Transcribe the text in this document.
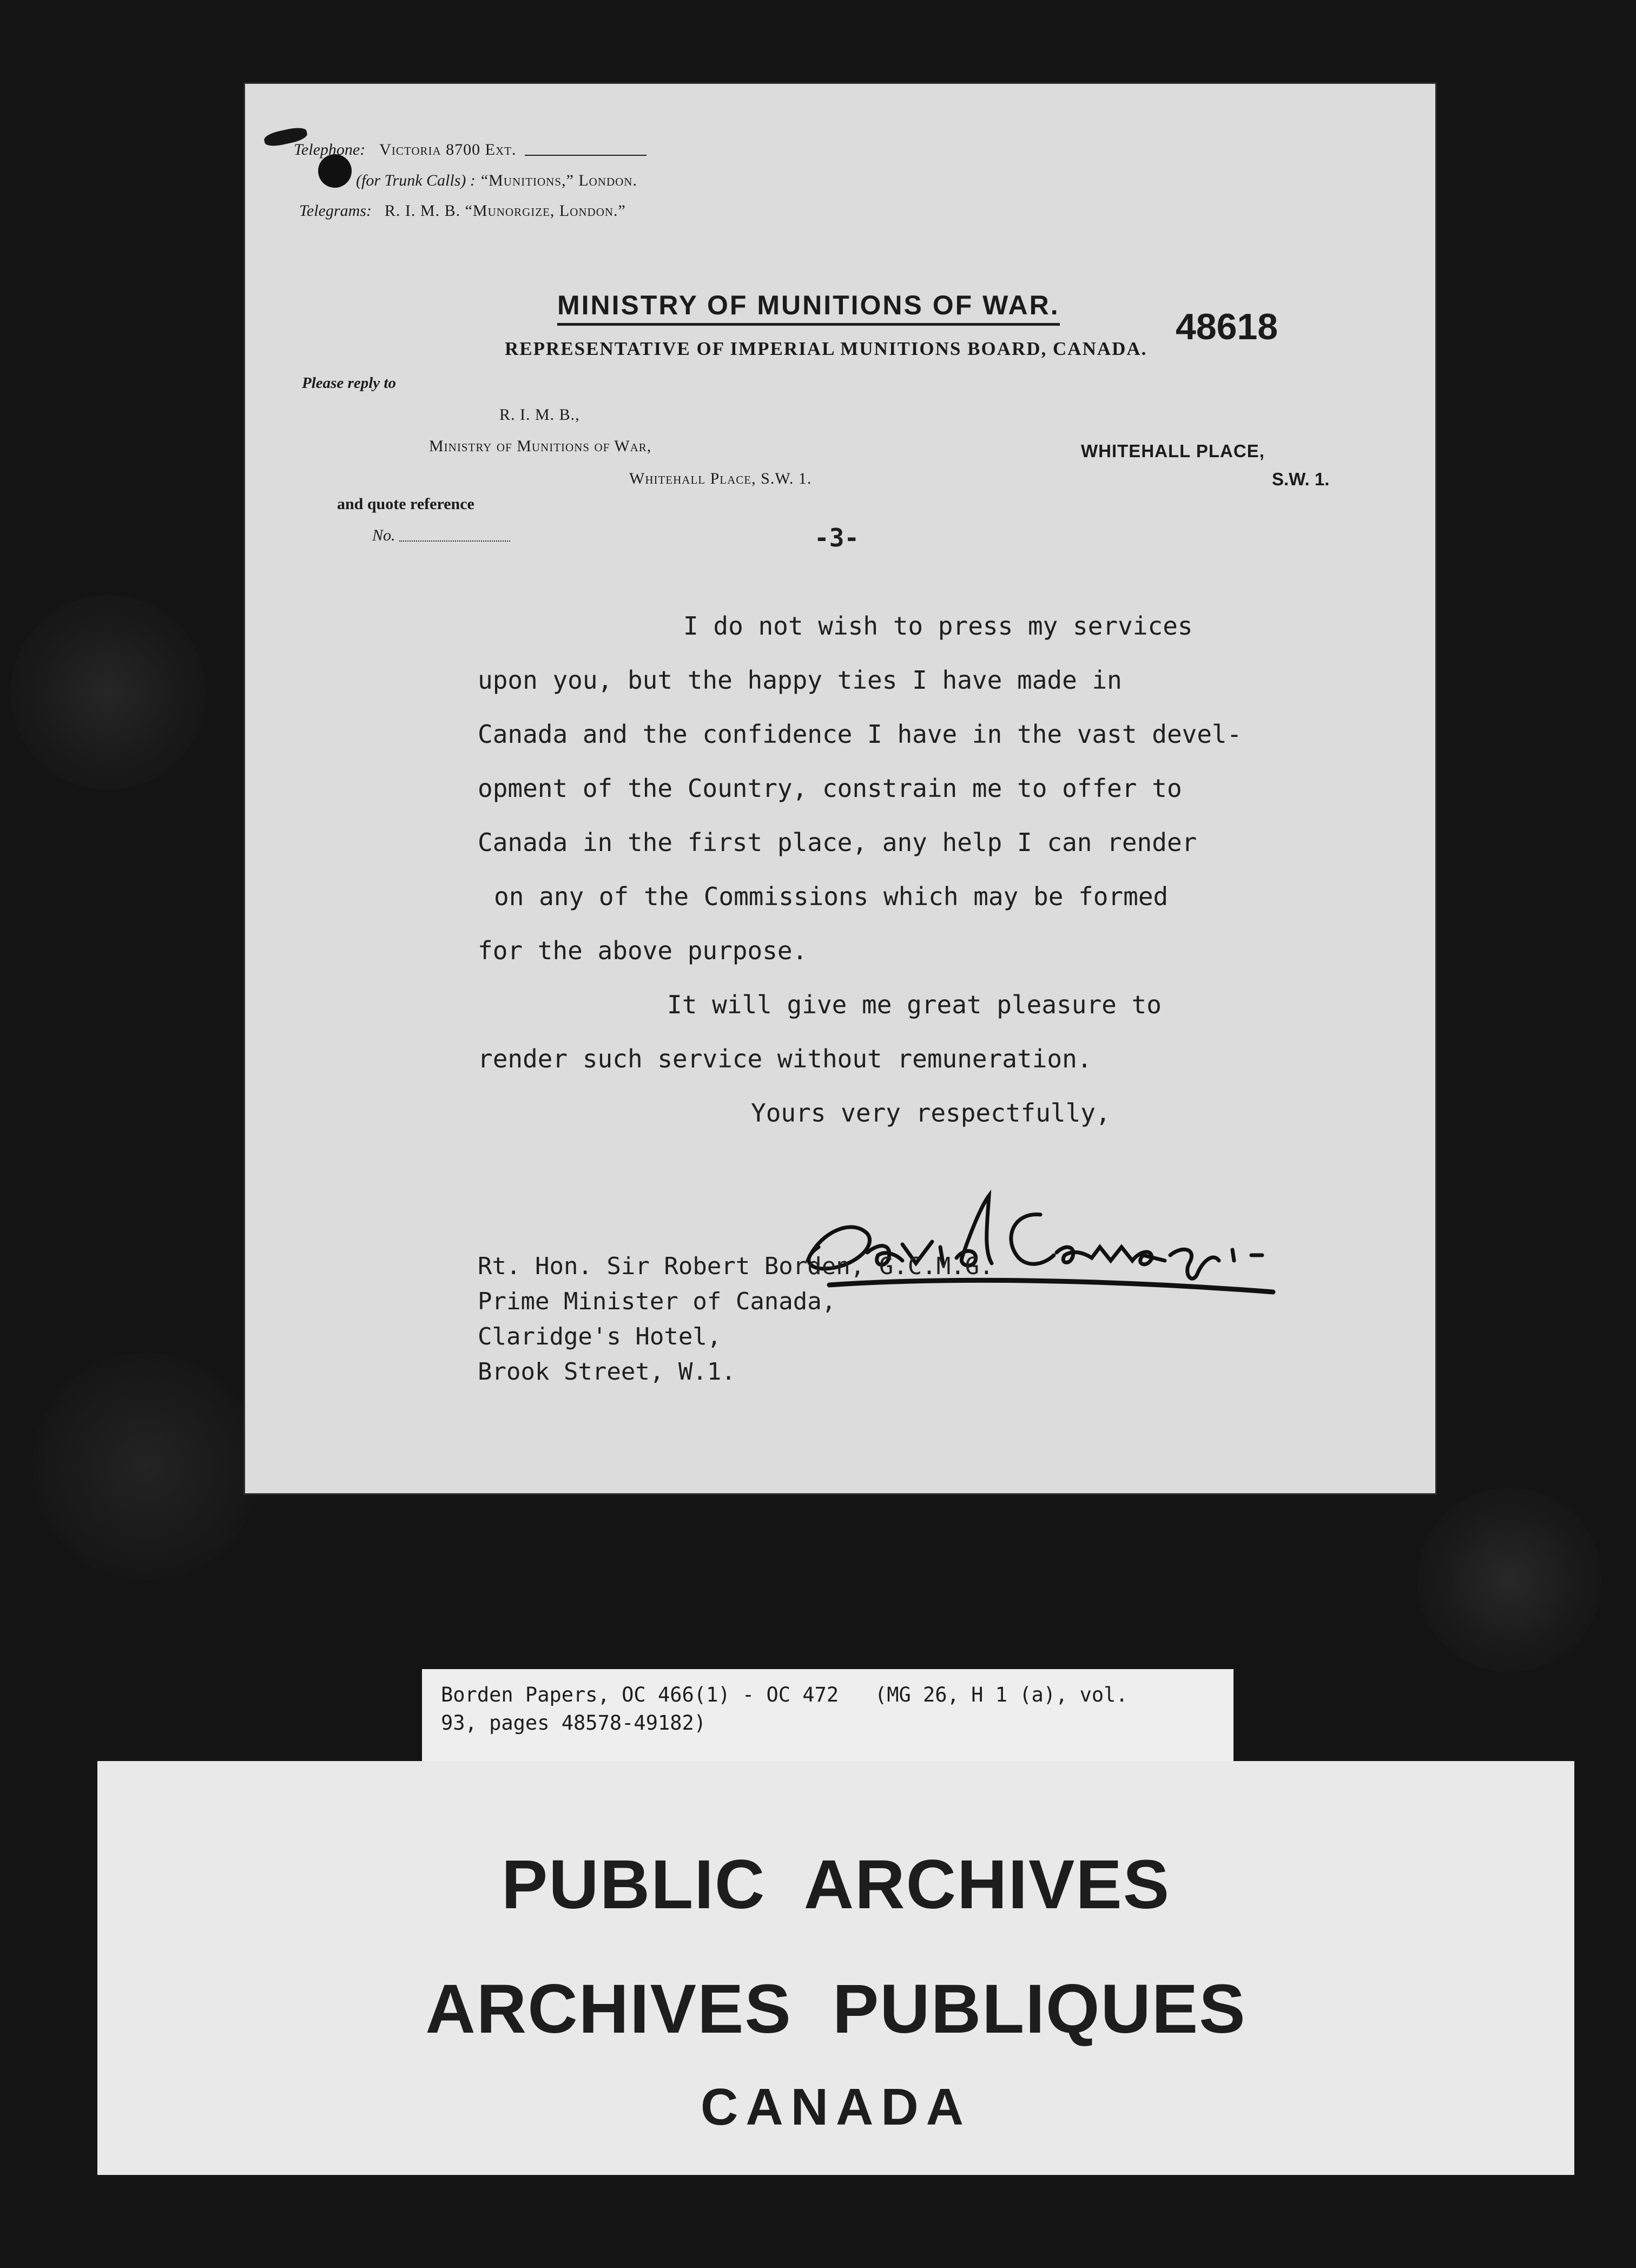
Telephone: Victoria 8700 Ext.
(for Trunk Calls) : “Munitions,” London.
Telegrams: R. I. M. B. “Munorgize, London.”
MINISTRY OF MUNITIONS OF WAR.
REPRESENTATIVE OF IMPERIAL MUNITIONS BOARD, CANADA.
48618
Please reply to
R. I. M. B.,
Ministry of Munitions of War,
Whitehall Place, S.W. 1.
WHITEHALL PLACE,
S.W. 1.
and quote reference
No.	-3-
I do not wish to press my services
upon you, but the happy ties I have made in
Canada and the confidence I have in the vast devel-
opment of the Country, constrain me to offer to
Canada in the first place, any help I can render
on any of the Commissions which may be formed
for the above purpose.
It will give me great pleasure to
render such service without remuneration.
Yours very respectfully,
Rt. Hon. Sir Robert Borden, G.C.M.G.
Prime Minister of Canada,
Claridge's Hotel,
Brook Street, W.1.
Borden Papers, OC 466(1) - OC 472   (MG 26, H 1 (a), vol.
93, pages 48578-49182)
PUBLIC  ARCHIVES
ARCHIVES  PUBLIQUES
CANADA
